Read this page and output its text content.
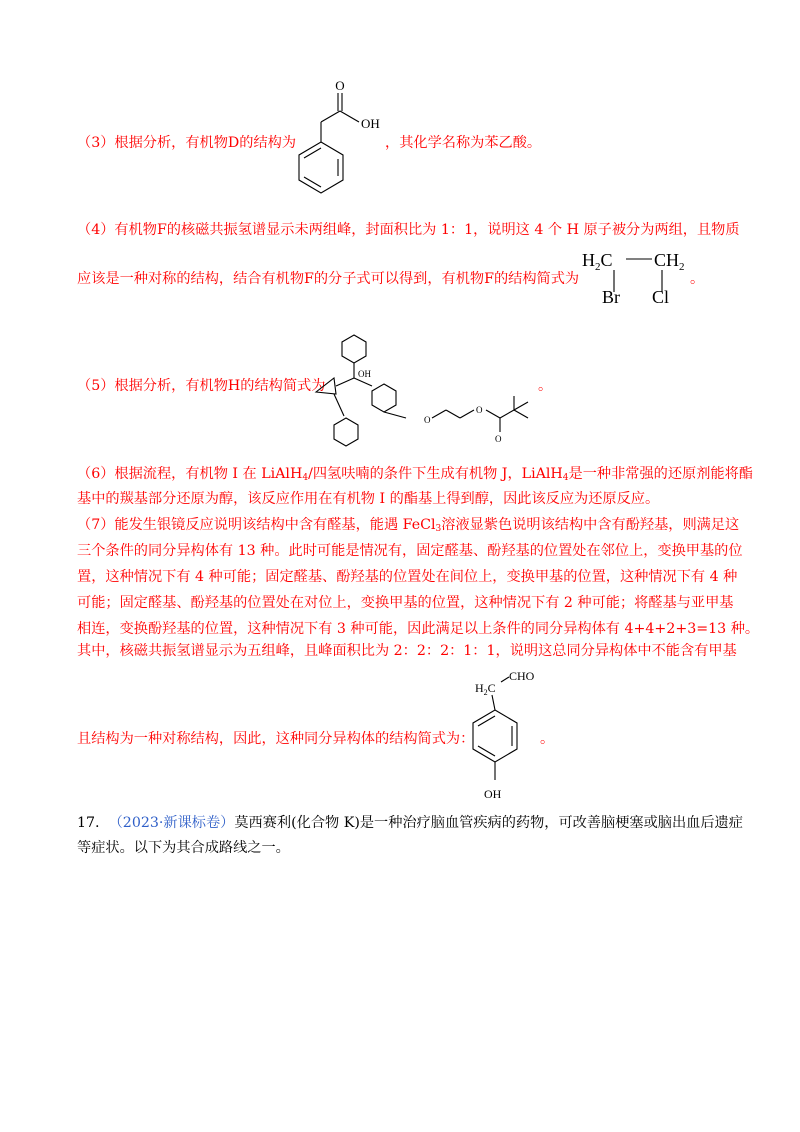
（3）根据分析，有机物D的结构为
O
OH
，其化学名称为苯乙酸。
（4）有机物F的核磁共振氢谱显示未两组峰，封面积比为 1：1，说明这 4 个 H 原子被分为两组，且物质
应该是一种对称的结构，结合有机物F的分子式可以得到，有机物F的结构简式为
$H_2C$ $CH_2$
Br Cl
。
（5）根据分析，有机物H的结构简式为
OH
O
O
O
。
（6）根据流程，有机物 I 在 LiAlH$_4$/四氢呋喃的条件下生成有机物 J，LiAlH$_4$是一种非常强的还原剂能将酯
基中的羰基部分还原为醇，该反应作用在有机物 I 的酯基上得到醇，因此该反应为还原反应。
（7）能发生银镜反应说明该结构中含有醛基，能遇 FeCl$_3$溶液显紫色说明该结构中含有酚羟基，则满足这
三个条件的同分异构体有 13 种。此时可能是情况有，固定醛基、酚羟基的位置处在邻位上，变换甲基的位
置，这种情况下有 4 种可能；固定醛基、酚羟基的位置处在间位上，变换甲基的位置，这种情况下有 4 种
可能；固定醛基、酚羟基的位置处在对位上，变换甲基的位置，这种情况下有 2 种可能；将醛基与亚甲基
相连，变换酚羟基的位置，这种情况下有 3 种可能，因此满足以上条件的同分异构体有 4+4+2+3=13 种。
其中，核磁共振氢谱显示为五组峰，且峰面积比为 2：2：2：1：1，说明这总同分异构体中不能含有甲基
且结构为一种对称结构，因此，这种同分异构体的结构简式为：
CHO
$H_2C$
OH
。
17. （2023·新课标卷）莫西赛利(化合物 K)是一种治疗脑血管疾病的药物，可改善脑梗塞或脑出血后遗症
等症状。以下为其合成路线之一。
